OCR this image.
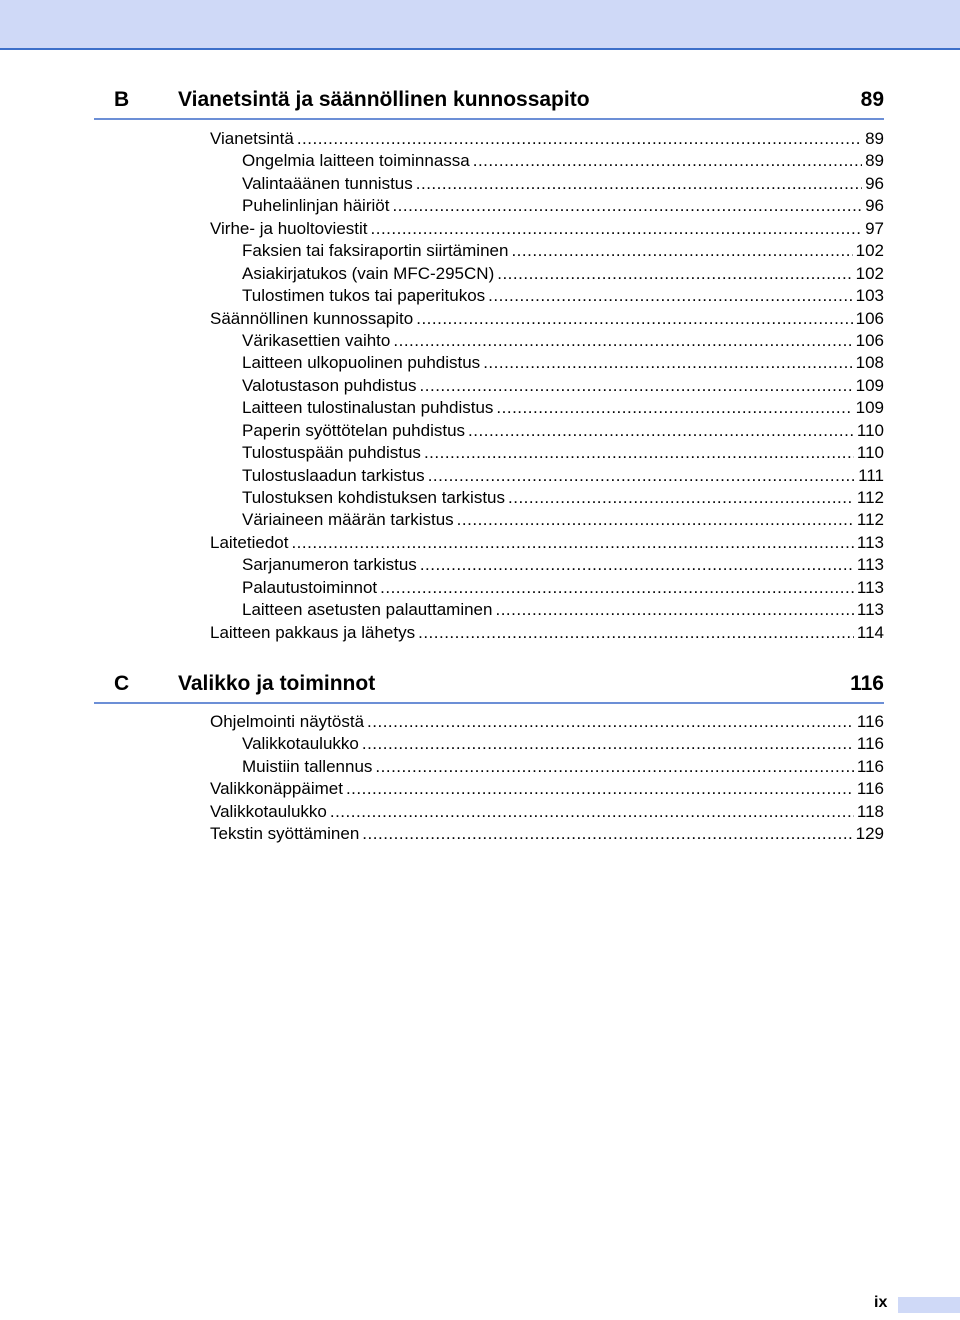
B Vianetsintä ja säännöllinen kunnossapito	89
Vianetsintä .....	89
Ongelmia laitteen toiminnassa .....	89
Valintaäänen tunnistus .....	96
Puhelinlinjan häiriöt .....	96
Virhe- ja huoltoviestit .....	97
Faksien tai faksiraportin siirtäminen .....	102
Asiakirjatukos (vain MFC-295CN) .....	102
Tulostimen tukos tai paperitukos .....	103
Säännöllinen kunnossapito .....	106
Värikasettien vaihto .....	106
Laitteen ulkopuolinen puhdistus .....	108
Valotustason puhdistus .....	109
Laitteen tulostinalustan puhdistus .....	109
Paperin syöttötelan puhdistus .....	110
Tulostuspään puhdistus .....	110
Tulostuslaadun tarkistus .....	111
Tulostuksen kohdistuksen tarkistus .....	112
Väriaineen määrän tarkistus .....	112
Laitetiedot .....	113
Sarjanumeron tarkistus .....	113
Palautustoiminnot .....	113
Laitteen asetusten palauttaminen .....	113
Laitteen pakkaus ja lähetys .....	114
C Valikko ja toiminnot	116
Ohjelmointi näytöstä .....	116
Valikkotaulukko .....	116
Muistiin tallennus .....	116
Valikkonäppäimet .....	116
Valikkotaulukko .....	118
Tekstin syöttäminen .....	129
ix
